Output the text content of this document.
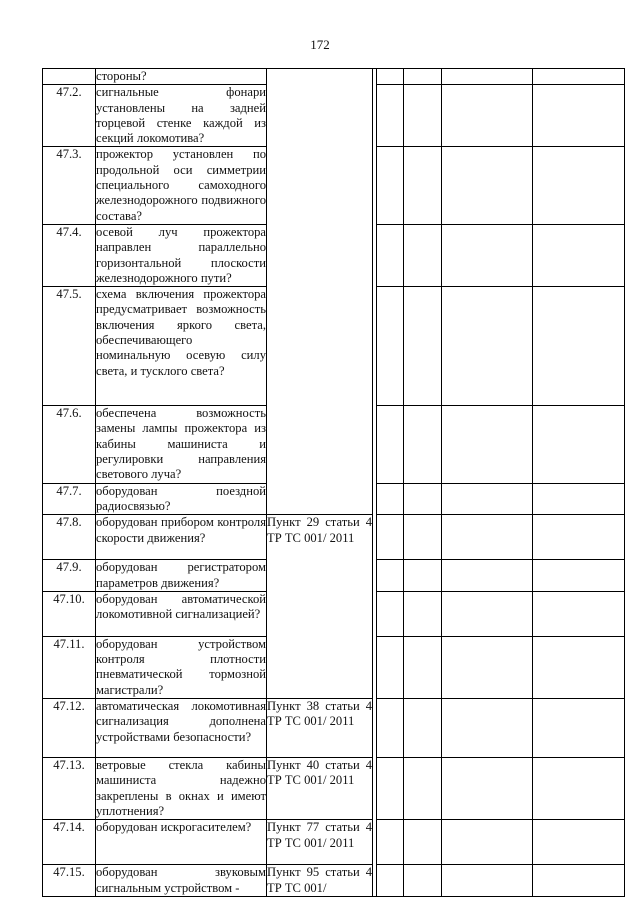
172
	стороны?						
47.2.	сигнальные фонари установлены на задней торцевой стенке каждой из секций локомотива?						
47.3.	прожектор установлен по продольной оси симметрии специального самоходного железнодорожного подвижного состава?						
47.4.	осевой луч прожектора направлен параллельно горизонтальной плоскости железнодорожного пути?						
47.5.	схема включения прожектора предусматривает возможность включения яркого света, обеспечивающего номинальную осевую силу света, и тусклого света?						
47.6.	обеспечена возможность замены лампы прожектора из кабины машиниста и регулировки направления светового луча?						
47.7.	оборудован поездной радиосвязью?						
47.8.	оборудован прибором контроля скорости движения?	Пункт 29 статьи 4 ТР ТС 001/ 2011					
47.9.	оборудован регистратором параметров движения?						
47.10.	оборудован автоматической локомотивной сигнализацией?						
47.11.	оборудован устройством контроля плотности пневматической тормозной магистрали?						
47.12.	автоматическая локомотивная сигнализация дополнена устройствами безопасности?	Пункт 38 статьи 4 ТР ТС 001/ 2011					
47.13.	ветровые стекла кабины машиниста надежно закреплены в окнах и имеют уплотнения?	Пункт 40 статьи 4 ТР ТС 001/ 2011					
47.14.	оборудован искрогасителем?	Пункт 77 статьи 4 ТР ТС 001/ 2011					
47.15.	оборудован звуковым сигнальным устройством -	Пункт 95 статьи 4 ТР ТС 001/					
